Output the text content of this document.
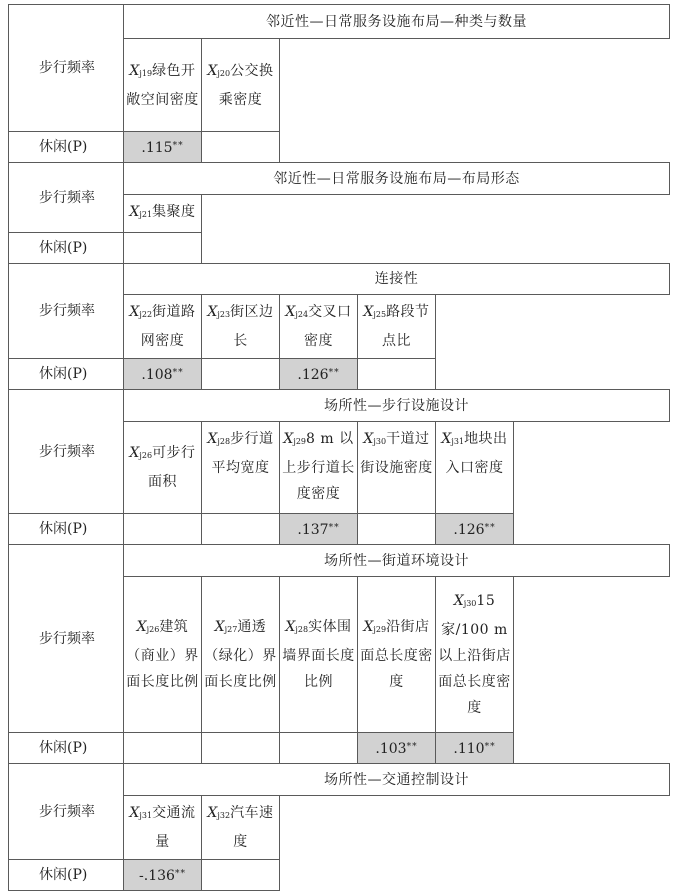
步行频率	邻近性—日常服务设施布局—种类与数量					
	Xj19绿色开敞空间密度	Xj20公交换乘密度				
休闲(P)	.115**		
步行频率	邻近性—日常服务设施布局—布局形态					
	Xj21集聚度					
休闲(P)						
步行频率	连接性					
	Xj22街道路网密度	Xj23街区边长	Xj24交叉口密度	Xj25路段节点比		
休闲(P)	.108**		.126**		
步行频率	场所性—步行设施设计					
	Xj26可步行面积	Xj28步行道平均宽度	Xj298 m 以上步行道长度密度	Xj30干道过街设施密度	Xj31地块出入口密度	
休闲(P)			.137**		.126**	
步行频率	场所性—街道环境设计					
	Xj26建筑（商业）界面长度比例	Xj27通透（绿化）界面长度比例	Xj28实体围墙界面长度比例	Xj29沿街店面总长度密度	Xj3015 家/100 m 以上沿街店面总长度密度	
休闲(P)				.103**	.110**	
步行频率	场所性—交通控制设计					
	Xj31交通流量	Xj32汽车速度				
休闲(P)	-.136**		
